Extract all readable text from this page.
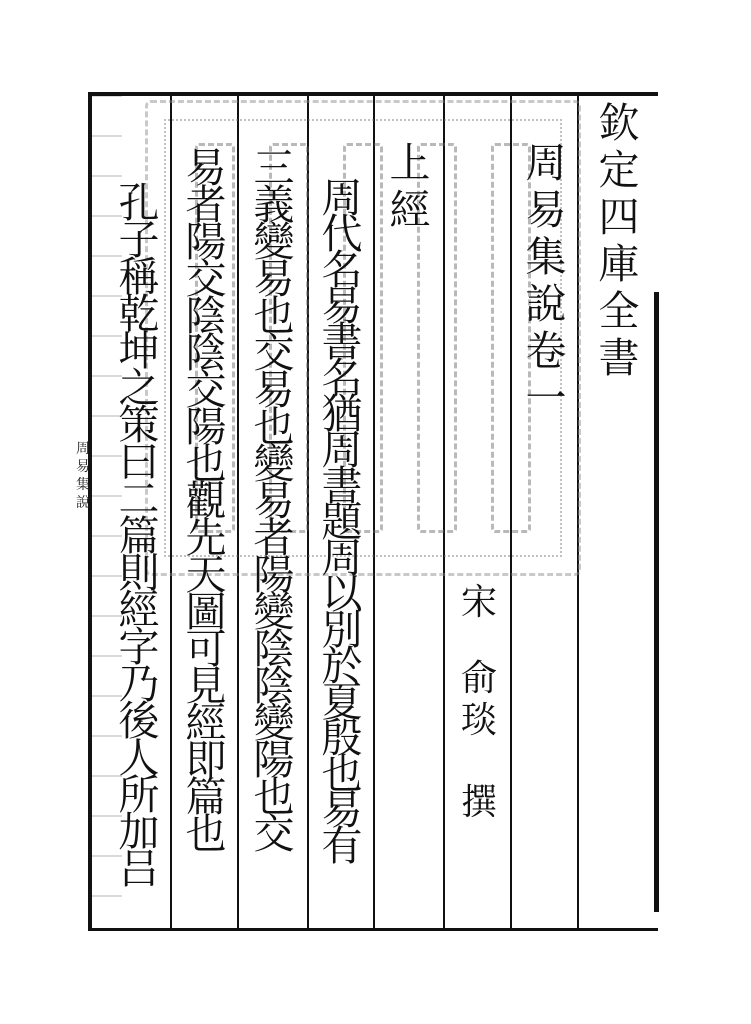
周
易
集
說
欽
定
四
庫
全
書
周
易
集
說
卷
一
上
經
宋
俞
琰
撰
周
代
名
易
書
名
猶
周
書
題
周
以
別
於
夏
殷
也
易
有
三
義
變
易
也
交
易
也
變
易
者
陽
變
陰
陰
變
陽
也
交
易
者
陽
交
陰
陰
交
陽
也
觀
先
天
圖
可
見
經
即
篇
也
孔
子
稱
乾
坤
之
策
曰
二
篇
則
經
字
乃
後
人
所
加
吕
